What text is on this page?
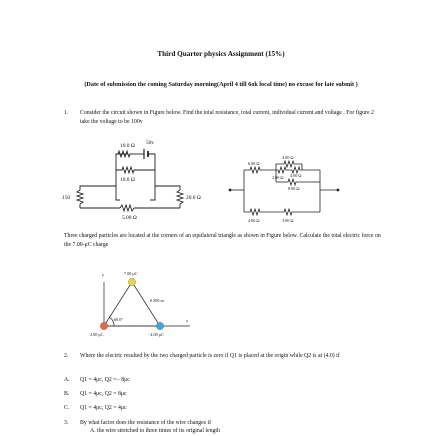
Third Quarter physics Assignment (15%)
(Date of submission the coming Saturday morning(April 4 till 6ok local time) no excuse for late submit )
1. Consider the circuit shown in Figure below. Find the total resistance, total current, individual current and voltage . For figure 2 take the voltage to be 100v
10.0 Ω 50v
10.0 Ω
150	20.0 Ω
5.00 Ω
6.00 Ω
4.00 Ω
2.00 Ω 4.00 Ω
8.00 Ω
4.00 Ω	3.00 Ω
Three charged particles are located at the corners of an equilateral triangle as shown in Figure below. Calculate the total electric force on the 7.00-μC charge
y	7.00 μC
0.500 m
60.0°	x
2.00 μC	−4.00 μC
2. Where the electric resulted by the two charged particle is zero if Q1 is placed at the origin while Q2 is at (4.0) if
A. Q1 = 4μc, Q2 =− 8μc
B. Q1 = 4μc, Q2 = 8μc
C. Q1 = 4μc, Q2 = 4μc
3. By what factor does the resistance of the wire changes if
A. the wire stretched to three times of its original length
